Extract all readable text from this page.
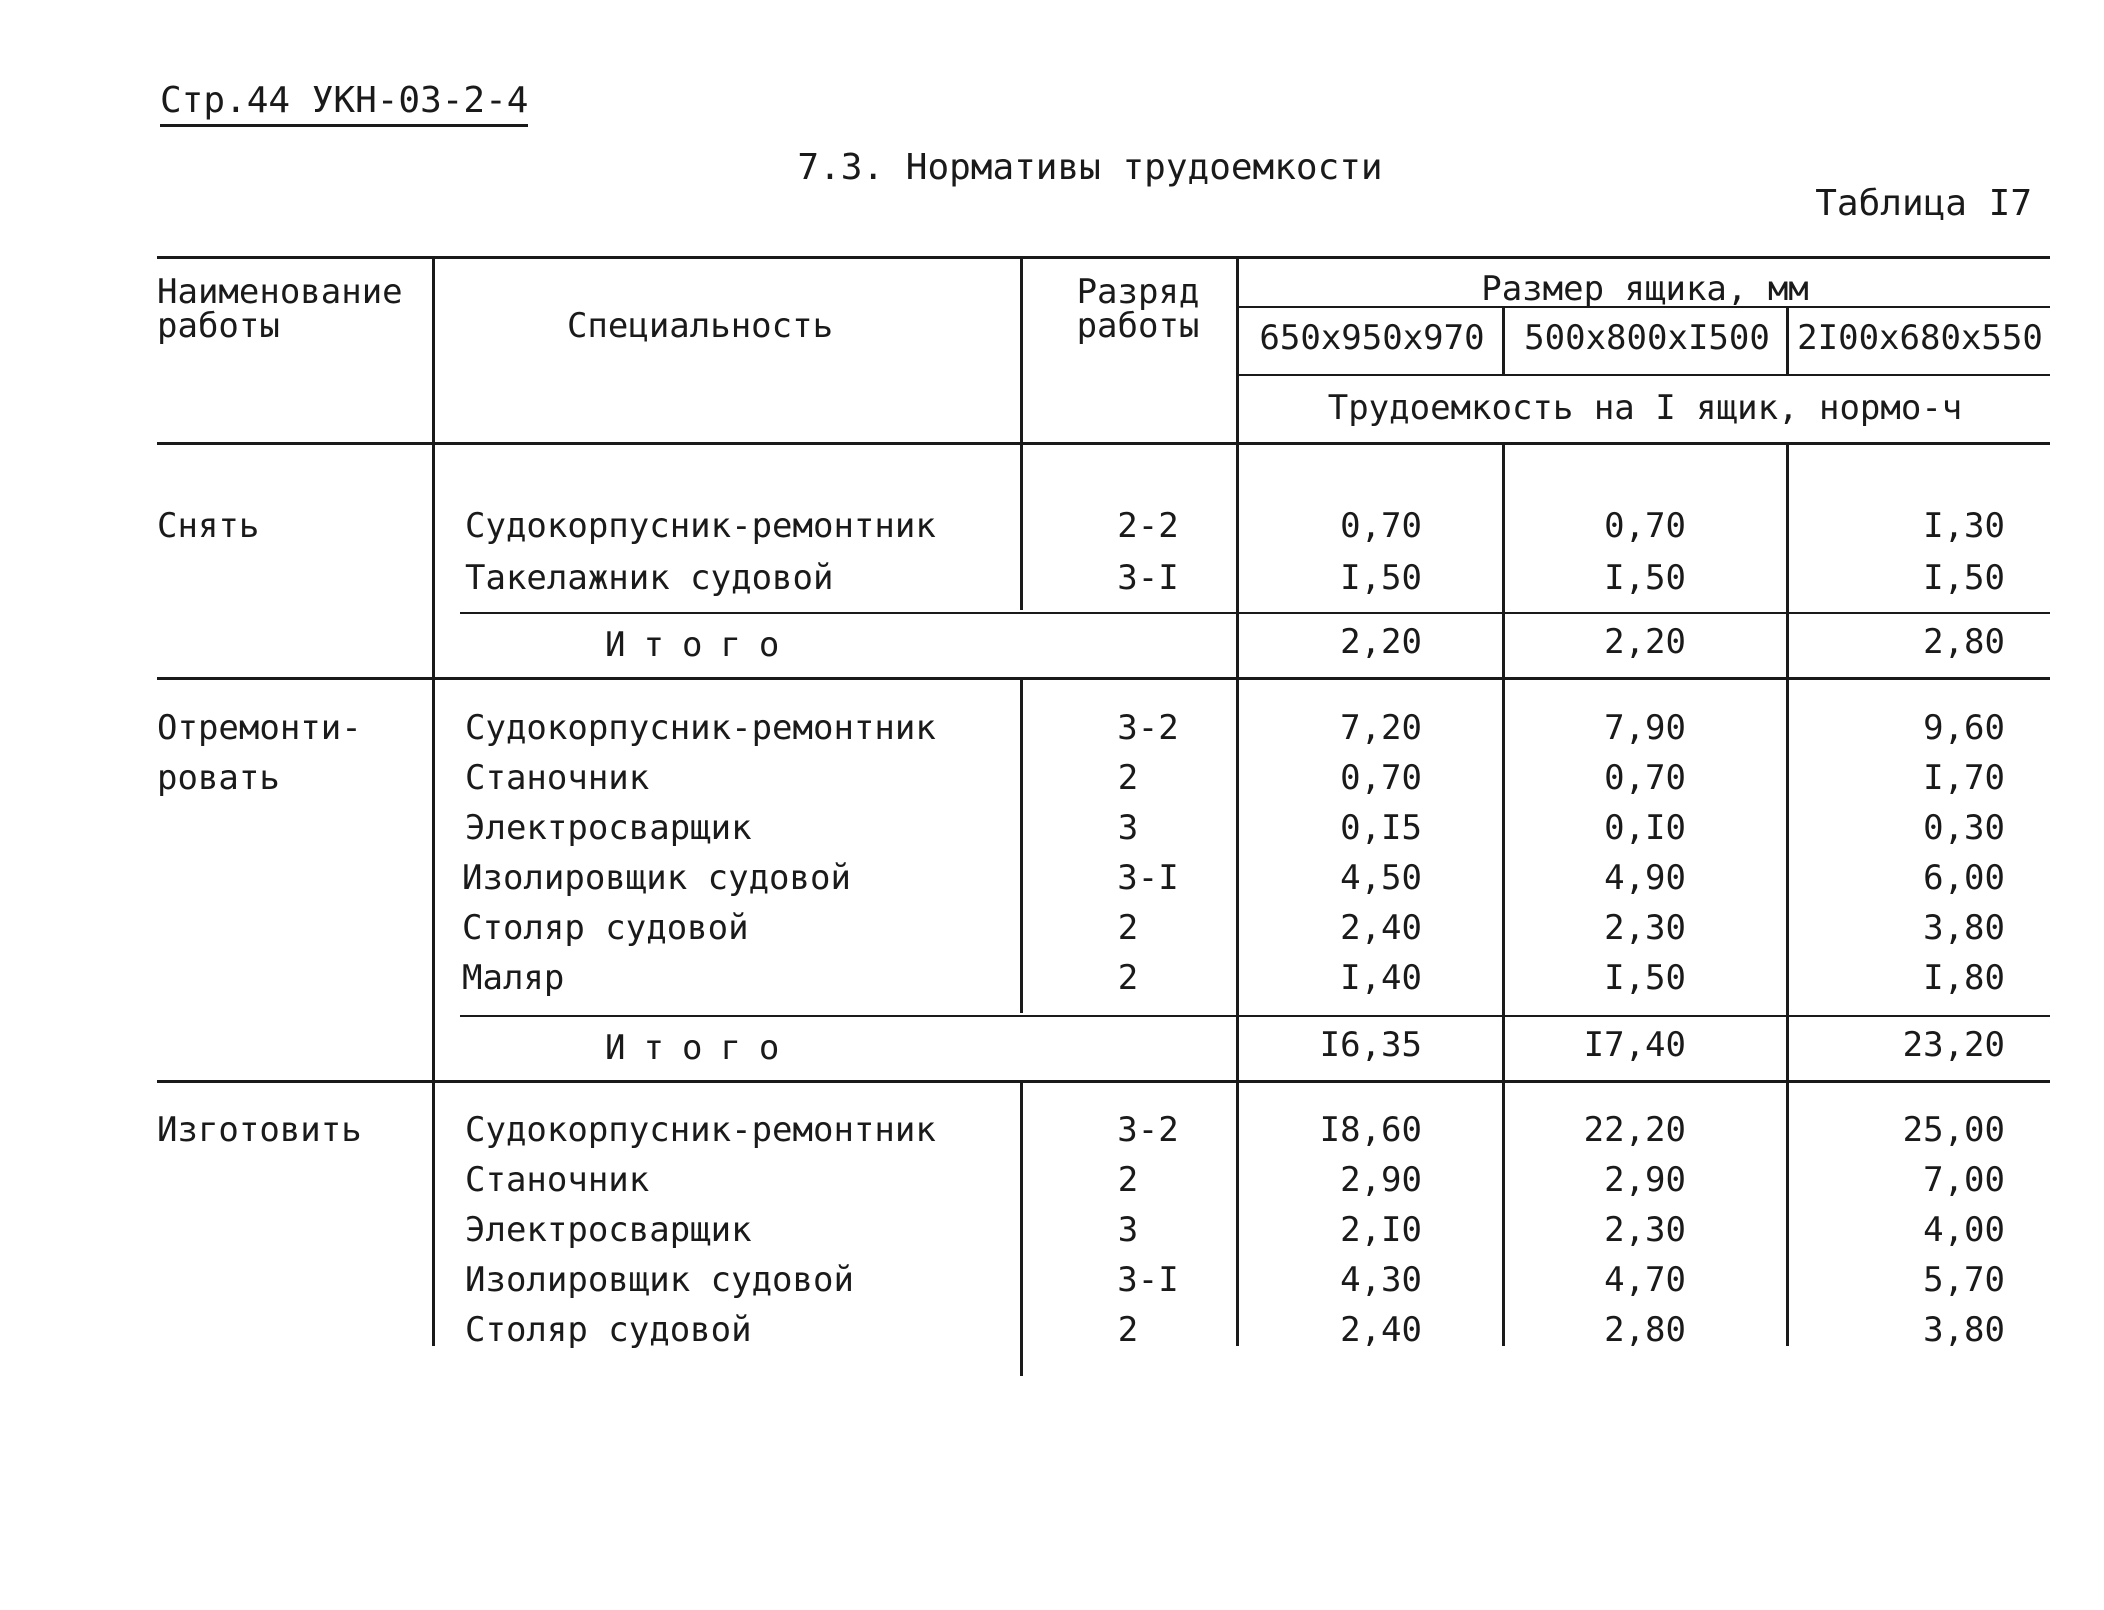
Стр.44 УКН-03-2-4
7.3. Нормативы трудоемкости
Таблица I7
Наименование
работы	Специальность
Разряд
работы
Размер ящика, мм
650x950x970 500x800xI500 2I00x680x550
Трудоемкость на I ящик, нормо-ч
Снять	Судокорпусник-ремонтник	2-2	0,70	0,70	I,30
Такелажник судовой	3-I	I,50	I,50	I,50
Итого	2,20	2,20	2,80
Отремонти-
ровать
Судокорпусник-ремонтник	3-2	7,20	7,90	9,60
Станочник	2	0,70	0,70	I,70
Электросварщик	3	0,I5	0,I0	0,30
Изолировщик судовой	3-I	4,50	4,90	6,00
Столяр судовой	2	2,40	2,30	3,80
Маляр	2	I,40	I,50	I,80
Итого	I6,35	I7,40	23,20
Изготовить	Судокорпусник-ремонтник	3-2	I8,60	22,20	25,00
Станочник	2	2,90	2,90	7,00
Электросварщик	3	2,I0	2,30	4,00
Изолировщик судовой	3-I	4,30	4,70	5,70
Столяр судовой	2	2,40	2,80	3,80
